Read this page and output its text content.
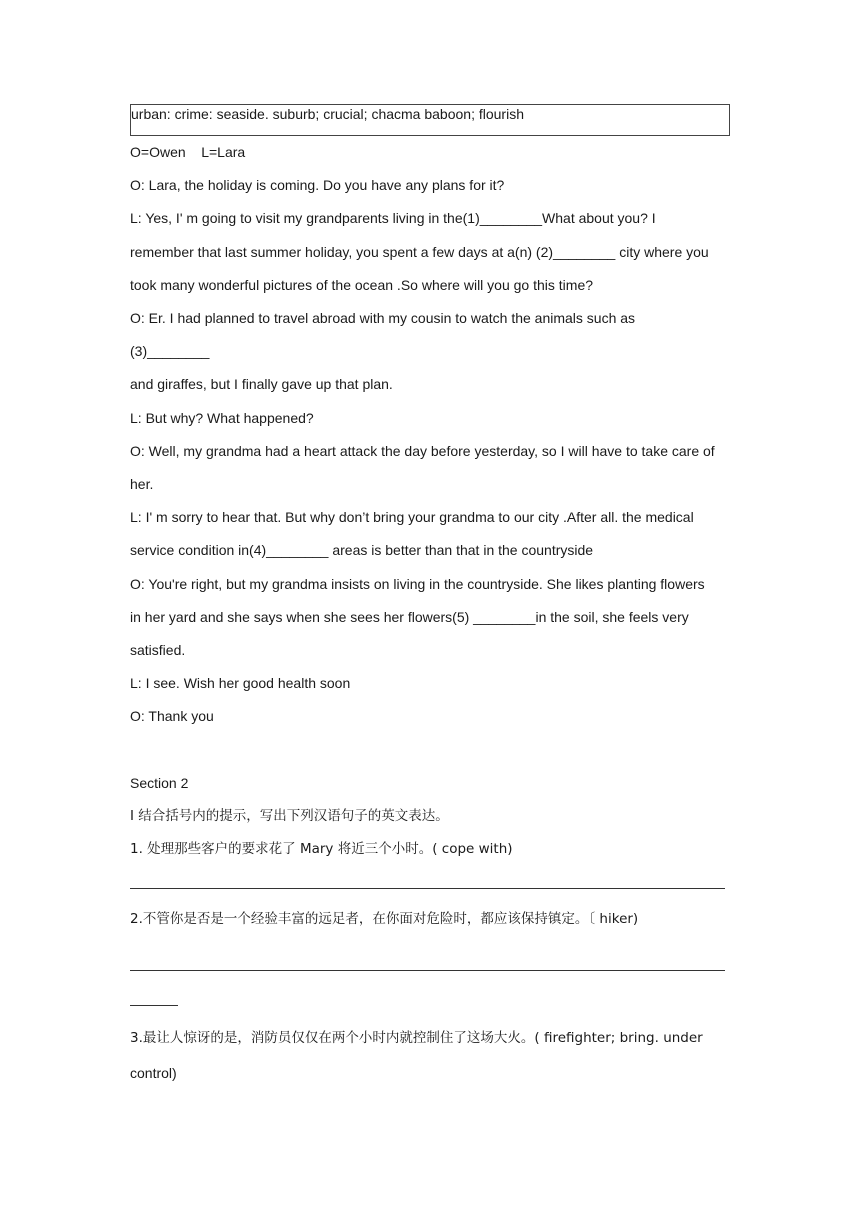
urban: crime: seaside. suburb; crucial; chacma baboon; flourish
O=Owen    L=Lara
O: Lara, the holiday is coming. Do you have any plans for it?
L: Yes, I' m going to visit my grandparents living in the(1)________What about you? I
remember that last summer holiday, you spent a few days at a(n) (2)________ city where you
took many wonderful pictures of the ocean .So where will you go this time?
O: Er. I had planned to travel abroad with my cousin to watch the animals such as
(3)________
and giraffes, but I finally gave up that plan.
L: But why? What happened?
O: Well, my grandma had a heart attack the day before yesterday, so I will have to take care of
her.
L: I' m sorry to hear that. But why don’t bring your grandma to our city .After all. the medical
service condition in(4)________ areas is better than that in the countryside
O: You're right, but my grandma insists on living in the countryside. She likes planting flowers
in her yard and she says when she sees her flowers(5) ________in the soil, she feels very
satisfied.
L: I see. Wish her good health soon
O: Thank you
Section 2
I 结合括号内的提示，写出下列汉语句子的英文表达。
1. 处理那些客户的要求花了 Mary 将近三个小时。( cope with)
2.不管你是否是一个经验丰富的远足者，在你面对危险时，都应该保持镇定。〔 hiker)
3.最让人惊讶的是，消防员仅仅在两个小时内就控制住了这场大火。( firefighter; bring. under
control)
